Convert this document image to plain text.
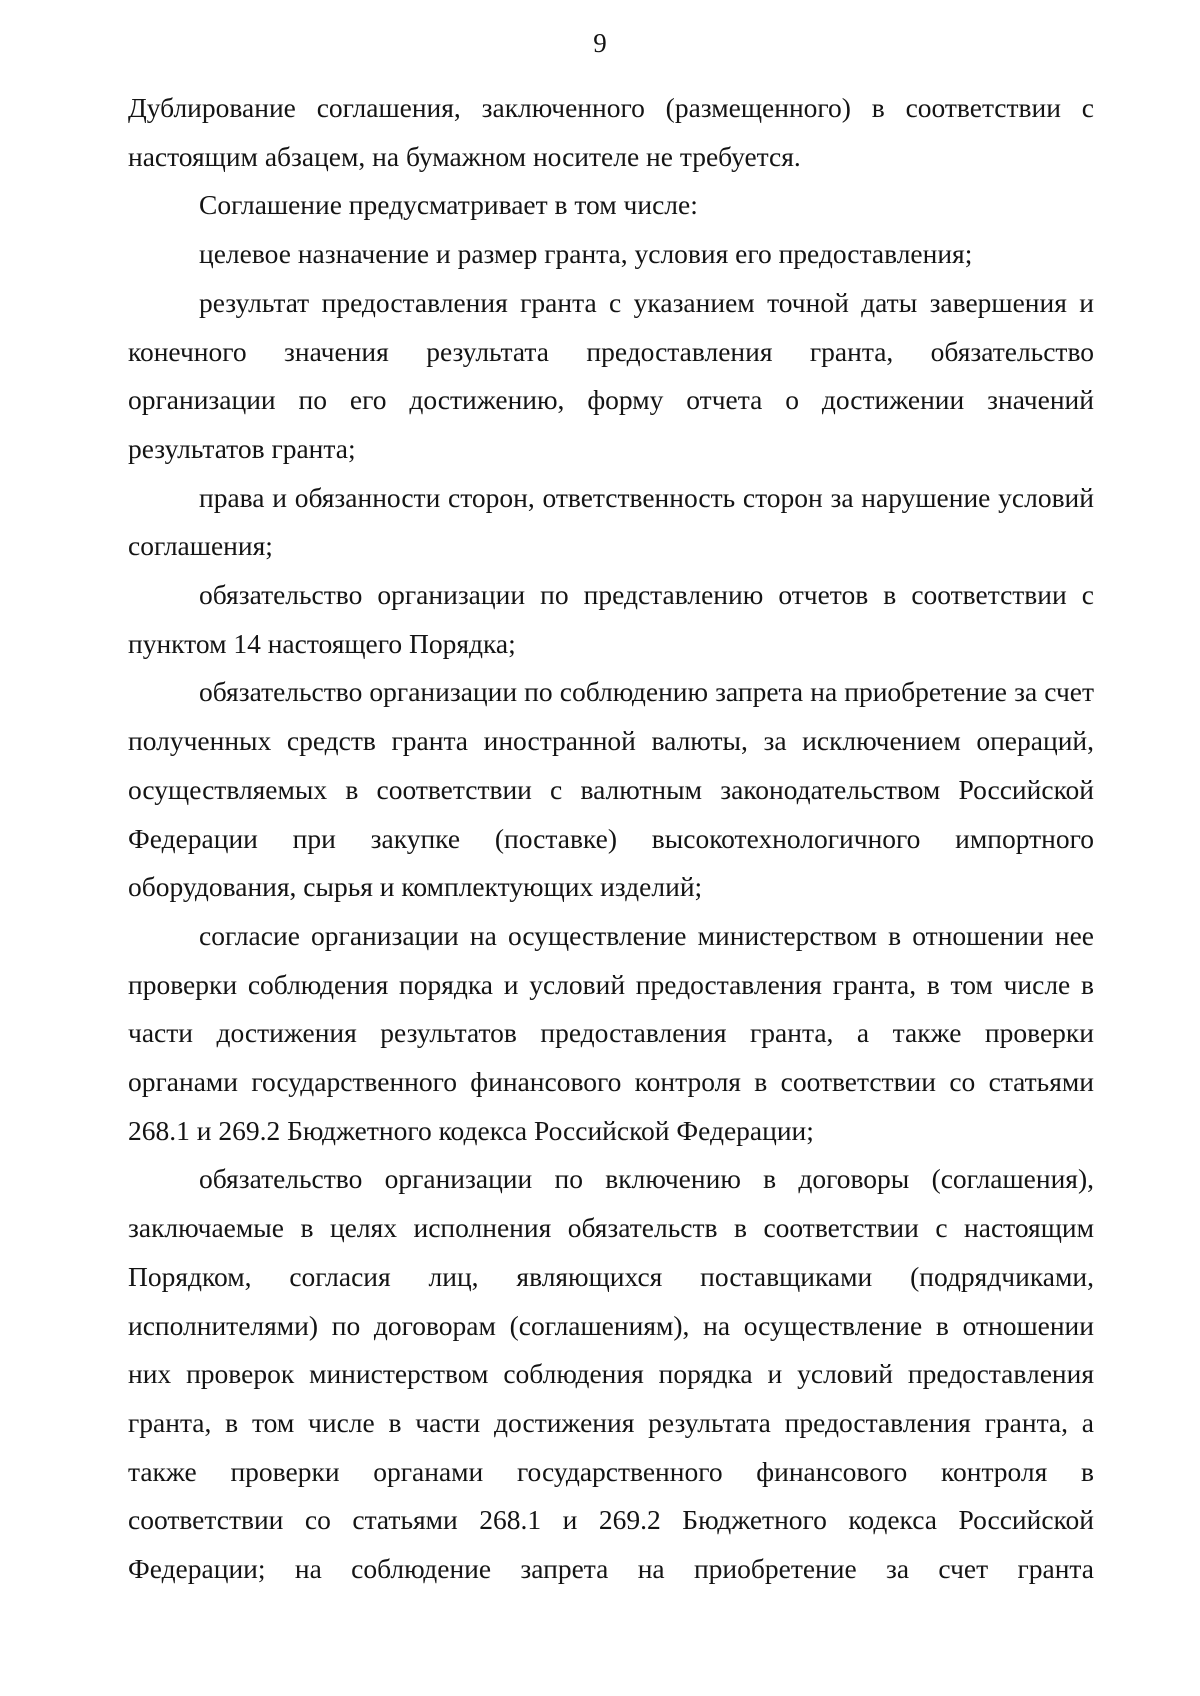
9

Дублирование соглашения, заключенного (размещенного) в соответствии с настоящим абзацем, на бумажном носителе не требуется.

Соглашение предусматривает в том числе:

целевое назначение и размер гранта, условия его предоставления;

результат предоставления гранта с указанием точной даты завершения и конечного значения результата предоставления гранта, обязательство организации по его достижению, форму отчета о достижении значений результатов гранта;

права и обязанности сторон, ответственность сторон за нарушение условий соглашения;

обязательство организации по представлению отчетов в соответствии с пунктом 14 настоящего Порядка;

обязательство организации по соблюдению запрета на приобретение за счет полученных средств гранта иностранной валюты, за исключением операций, осуществляемых в соответствии с валютным законодательством Российской Федерации при закупке (поставке) высокотехнологичного импортного оборудования, сырья и комплектующих изделий;

согласие организации на осуществление министерством в отношении нее проверки соблюдения порядка и условий предоставления гранта, в том числе в части достижения результатов предоставления гранта, а также проверки органами государственного финансового контроля в соответствии со статьями 268.1 и 269.2 Бюджетного кодекса Российской Федерации;

обязательство организации по включению в договоры (соглашения), заключаемые в целях исполнения обязательств в соответствии с настоящим Порядком, согласия лиц, являющихся поставщиками (подрядчиками, исполнителями) по договорам (соглашениям), на осуществление в отношении них проверок министерством соблюдения порядка и условий предоставления гранта, в том числе в части достижения результата предоставления гранта, а также проверки органами государственного финансового контроля в соответствии со статьями 268.1 и 269.2 Бюджетного кодекса Российской Федерации; на соблюдение запрета на приобретение за счет гранта
